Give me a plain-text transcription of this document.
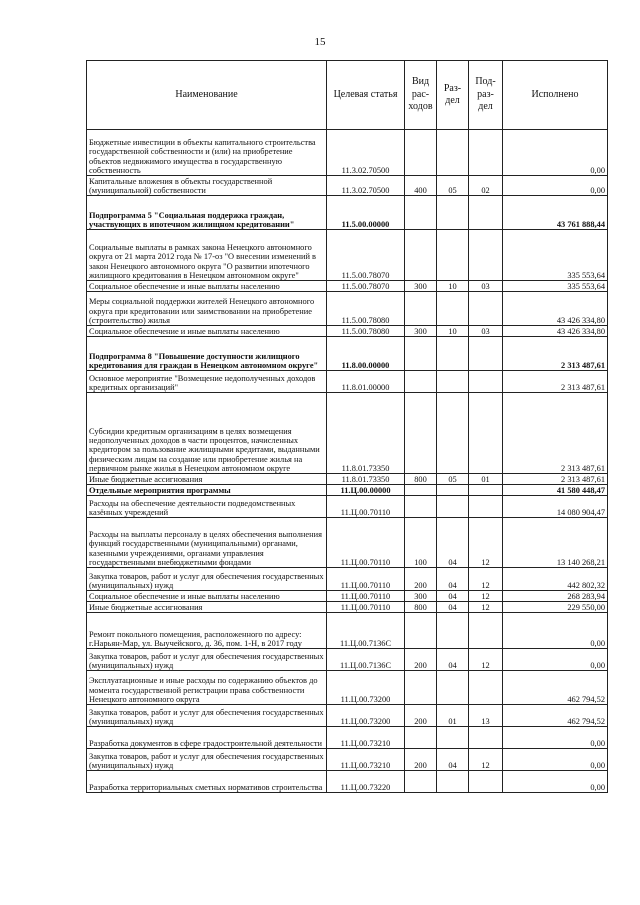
15
Наименование	Целевая статья	Вид рас-ходов	Раз-дел	Под-раз-дел	Исполнено
Бюджетные инвестиции в объекты капитального строительства государственной собственности и (или) на приобретение объектов недвижимого имущества в государственную собственность	11.3.02.70500				0,00
Капитальные вложения в объекты государственной (муниципальной) собственности	11.3.02.70500	400	05	02	0,00
Подпрограмма 5 "Социальная поддержка граждан, участвующих в ипотечном жилищном кредитовании"	11.5.00.00000				43 761 888,44
Социальные выплаты в рамках закона Ненецкого автономного округа от 21 марта 2012 года № 17-оз "О внесении изменений в закон Ненецкого автономного округа "О развитии ипотечного жилищного кредитования в Ненецком автономном округе"	11.5.00.78070				335 553,64
Социальное обеспечение и иные выплаты населению	11.5.00.78070	300	10	03	335 553,64
Меры социальной поддержки жителей Ненецкого автономного округа при кредитовании или заимствовании на приобретение (строительство) жилья	11.5.00.78080				43 426 334,80
Социальное обеспечение и иные выплаты населению	11.5.00.78080	300	10	03	43 426 334,80
Подпрограмма 8 "Повышение доступности жилищного кредитования для граждан в Ненецком автономном округе"	11.8.00.00000				2 313 487,61
Основное мероприятие "Возмещение недополученных доходов кредитных организаций"	11.8.01.00000				2 313 487,61
Субсидии кредитным организациям в целях возмещения недополученных доходов в части процентов, начисленных кредитором за пользование жилищными кредитами, выданными физическим лицам на создание или приобретение жилья на первичном рынке жилья в Ненецком автономном округе	11.8.01.73350				2 313 487,61
Иные бюджетные ассигнования	11.8.01.73350	800	05	01	2 313 487,61
Отдельные мероприятия программы	11.Ц.00.00000				41 580 448,47
Расходы на обеспечение деятельности подведомственных казённых учреждений	11.Ц.00.70110				14 080 904,47
Расходы на выплаты персоналу в целях обеспечения выполнения функций государственными (муниципальными) органами, казенными учреждениями, органами управления государственными внебюджетными фондами	11.Ц.00.70110	100	04	12	13 140 268,21
Закупка товаров, работ и услуг для обеспечения государственных (муниципальных) нужд	11.Ц.00.70110	200	04	12	442 802,32
Социальное обеспечение и иные выплаты населению	11.Ц.00.70110	300	04	12	268 283,94
Иные бюджетные ассигнования	11.Ц.00.70110	800	04	12	229 550,00
Ремонт покольного помещения, расположенного по адресу: г.Нарьян-Мар, ул. Выучейского, д. 36, пом. 1-Н, в 2017 году	11.Ц.00.7136С				0,00
Закупка товаров, работ и услуг для обеспечения государственных (муниципальных) нужд	11.Ц.00.7136С	200	04	12	0,00
Эксплуатационные и иные расходы по содержанию объектов до момента государственной регистрации права собственности Ненецкого автономного округа	11.Ц.00.73200				462 794,52
Закупка товаров, работ и услуг для обеспечения государственных (муниципальных) нужд	11.Ц.00.73200	200	01	13	462 794,52
Разработка документов в сфере градостроительной деятельности	11.Ц.00.73210				0,00
Закупка товаров, работ и услуг для обеспечения государственных (муниципальных) нужд	11.Ц.00.73210	200	04	12	0,00
Разработка территориальных сметных нормативов строительства	11.Ц.00.73220				0,00
